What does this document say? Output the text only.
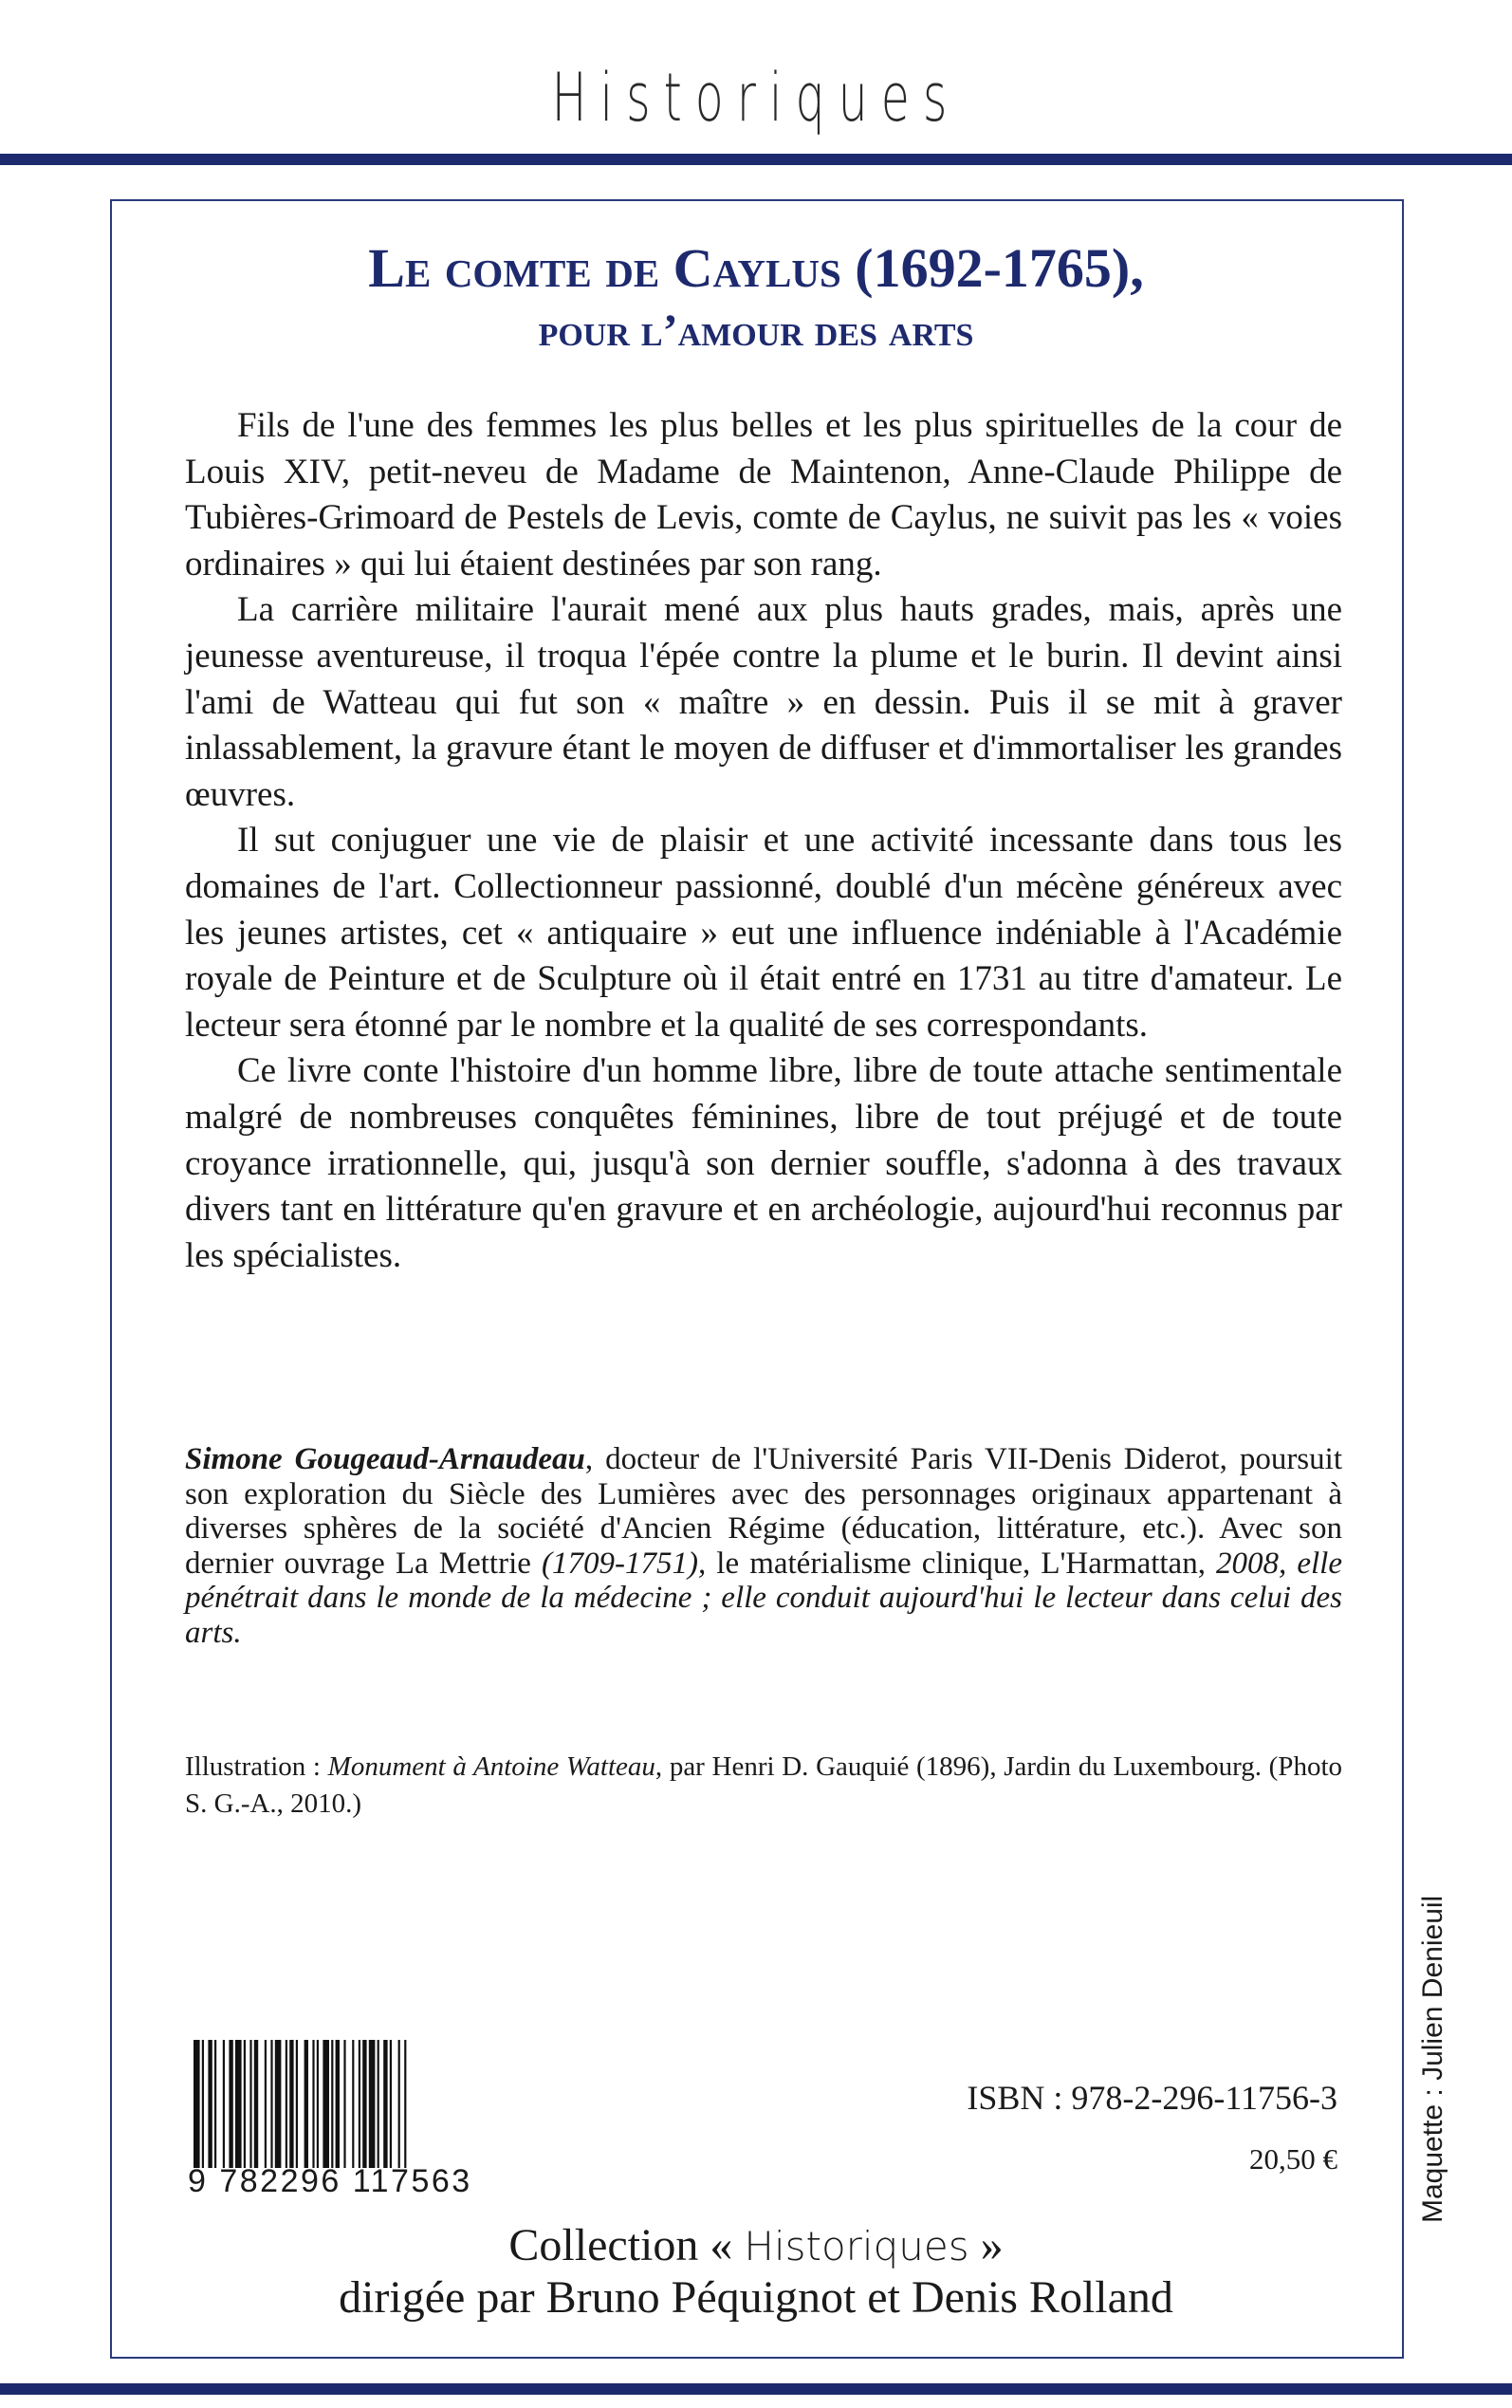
Historiques
Le comte de Caylus (1692-1765),
pour l’amour des arts

Fils de l'une des femmes les plus belles et les plus spirituelles de la cour de Louis XIV, petit-neveu de Madame de Maintenon, Anne-Claude Philippe de Tubières-Grimoard de Pestels de Levis, comte de Caylus, ne suivit pas les « voies ordinaires » qui lui étaient destinées par son rang.

La carrière militaire l'aurait mené aux plus hauts grades, mais, après une jeunesse aventureuse, il troqua l'épée contre la plume et le burin. Il devint ainsi l'ami de Watteau qui fut son « maître » en dessin. Puis il se mit à graver inlassablement, la gravure étant le moyen de diffuser et d'immortaliser les grandes œuvres.

Il sut conjuguer une vie de plaisir et une activité incessante dans tous les domaines de l'art. Collectionneur passionné, doublé d'un mécène généreux avec les jeunes artistes, cet « antiquaire » eut une influence indéniable à l'Académie royale de Peinture et de Sculpture où il était entré en 1731 au titre d'amateur. Le lecteur sera étonné par le nombre et la qualité de ses correspondants.

Ce livre conte l'histoire d'un homme libre, libre de toute attache sentimentale malgré de nombreuses conquêtes féminines, libre de tout préjugé et de toute croyance irrationnelle, qui, jusqu'à son dernier souffle, s'adonna à des travaux divers tant en littérature qu'en gravure et en archéologie, aujourd'hui reconnus par les spécialistes.

Simone Gougeaud-Arnaudeau, docteur de l'Université Paris VII-Denis Diderot, poursuit son exploration du Siècle des Lumières avec des personnages originaux appartenant à diverses sphères de la société d'Ancien Régime (éducation, littérature, etc.). Avec son dernier ouvrage La Mettrie (1709-1751), le matérialisme clinique, L'Harmattan, 2008, elle pénétrait dans le monde de la médecine ; elle conduit aujourd'hui le lecteur dans celui des arts.

Illustration : Monument à Antoine Watteau, par Henri D. Gauquié (1896), Jardin du Luxembourg. (Photo S. G.-A., 2010.)

9 782296 117563
ISBN : 978-2-296-11756-3
20,50 €
Collection « Historiques »
dirigée par Bruno Péquignot et Denis Rolland
Maquette : Julien Denieuil
